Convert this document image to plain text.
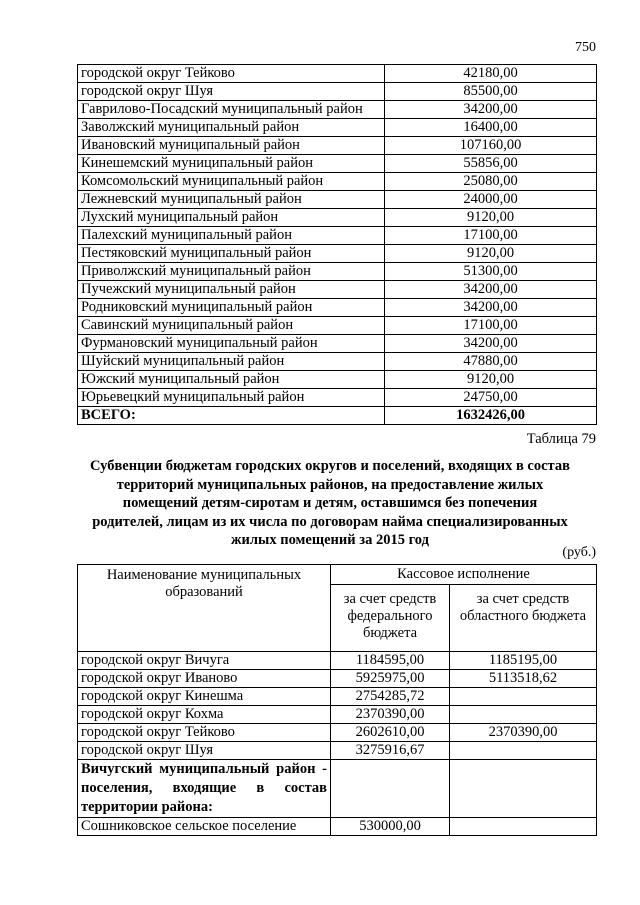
750
городской округ Тейково	42180,00
городской округ Шуя	85500,00
Гаврилово-Посадский муниципальный район	34200,00
Заволжский муниципальный район	16400,00
Ивановский муниципальный район	107160,00
Кинешемский муниципальный район	55856,00
Комсомольский муниципальный район	25080,00
Лежневский муниципальный район	24000,00
Лухский муниципальный район	9120,00
Палехский муниципальный район	17100,00
Пестяковский муниципальный район	9120,00
Приволжский муниципальный район	51300,00
Пучежский муниципальный район	34200,00
Родниковский муниципальный район	34200,00
Савинский муниципальный район	17100,00
Фурмановский муниципальный район	34200,00
Шуйский муниципальный район	47880,00
Южский муниципальный район	9120,00
Юрьевецкий муниципальный район	24750,00
ВСЕГО:	1632426,00
Таблица 79
Субвенции бюджетам городских округов и поселений, входящих в состав
территорий муниципальных районов, на предоставление жилых
помещений детям-сиротам и детям, оставшимся без попечения
родителей, лицам из их числа по договорам найма специализированных
жилых помещений за 2015 год
(руб.)
Наименование муниципальных образований	Кассовое исполнение	
	за счет средств федерального бюджета	за счет средств областного бюджета
городской округ Вичуга	1184595,00	1185195,00
городской округ Иваново	5925975,00	5113518,62
городской округ Кинешма	2754285,72	
городской округ Кохма	2370390,00	
городской округ Тейково	2602610,00	2370390,00
городской округ Шуя	3275916,67	
Вичугский муниципальный район - поселения, входящие в состав территории района:		
Сошниковское сельское поселение	530000,00	
